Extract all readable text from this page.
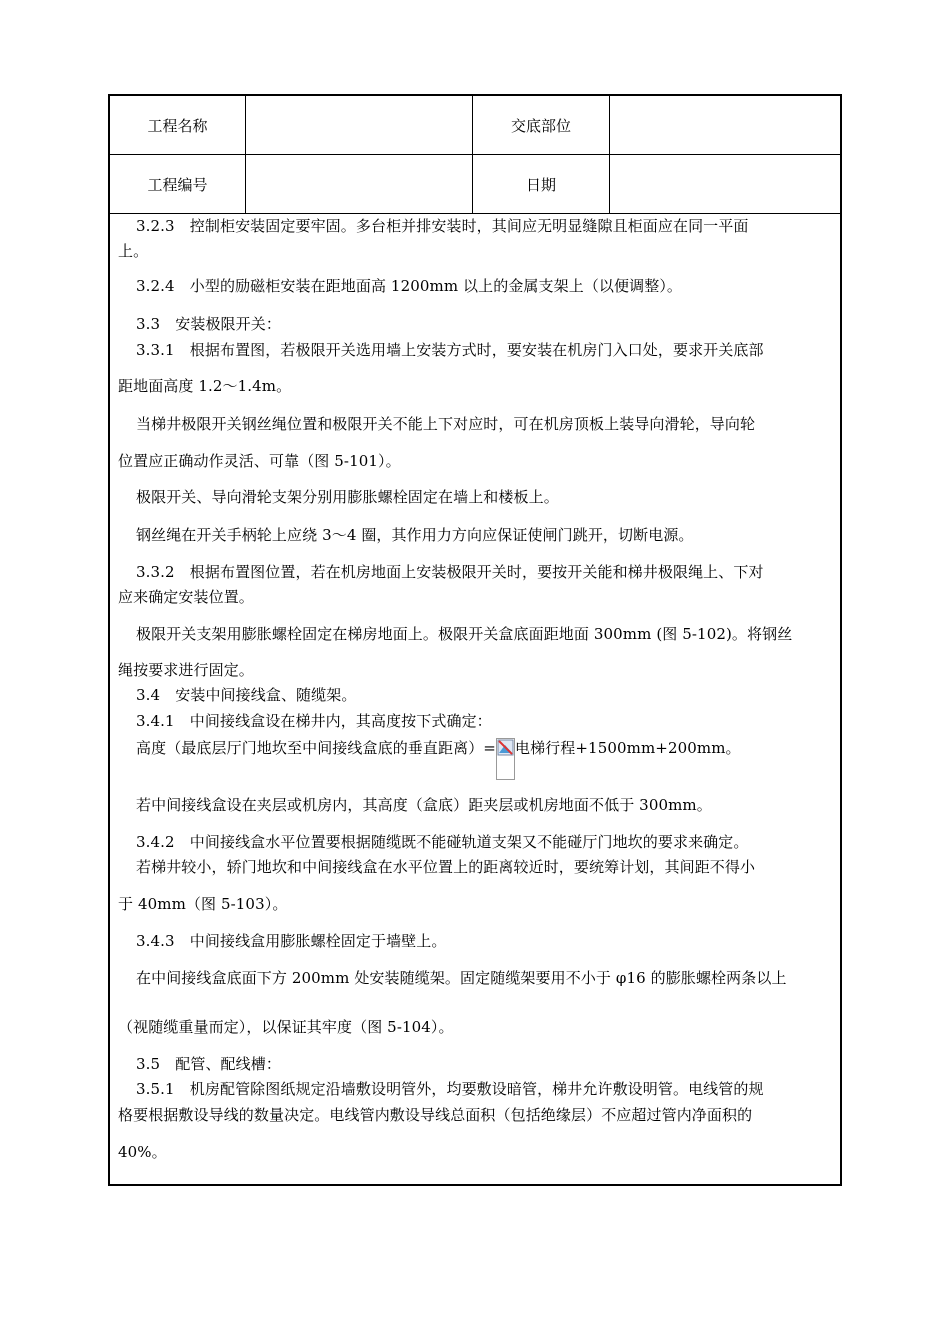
工程名称		交底部位	
工程编号		日期	
3.2.3　控制柜安装固定要牢固。多台柜并排安装时，其间应无明显缝隙且柜面应在同一平面
上。
3.2.4　小型的励磁柜安装在距地面高 1200mm 以上的金属支架上（以便调整）。
3.3　安装极限开关：
3.3.1　根据布置图，若极限开关选用墙上安装方式时，要安装在机房门入口处，要求开关底部
距地面高度 1.2～1.4m。
当梯井极限开关钢丝绳位置和极限开关不能上下对应时，可在机房顶板上装导向滑轮，导向轮
位置应正确动作灵活、可靠（图 5-101）。
极限开关、导向滑轮支架分别用膨胀螺栓固定在墙上和楼板上。
钢丝绳在开关手柄轮上应绕 3～4 圈，其作用力方向应保证使闸门跳开，切断电源。
3.3.2　根据布置图位置，若在机房地面上安装极限开关时，要按开关能和梯井极限绳上、下对
应来确定安装位置。
极限开关支架用膨胀螺栓固定在梯房地面上。极限开关盒底面距地面 300mm (图 5-102)。将钢丝
绳按要求进行固定。
3.4　安装中间接线盒、随缆架。
3.4.1　中间接线盒设在梯井内，其高度按下式确定：
高度（最底层厅门地坎至中间接线盒底的垂直距离）= 电梯行程+1500mm+200mm。
若中间接线盒设在夹层或机房内，其高度（盒底）距夹层或机房地面不低于 300mm。
3.4.2　中间接线盒水平位置要根据随缆既不能碰轨道支架又不能碰厅门地坎的要求来确定。
若梯井较小，轿门地坎和中间接线盒在水平位置上的距离较近时，要统筹计划，其间距不得小
于 40mm（图 5-103）。
3.4.3　中间接线盒用膨胀螺栓固定于墙壁上。
在中间接线盒底面下方 200mm 处安装随缆架。固定随缆架要用不小于 φ16 的膨胀螺栓两条以上
（视随缆重量而定），以保证其牢度（图 5-104）。
3.5　配管、配线槽：
3.5.1　机房配管除图纸规定沿墙敷设明管外，均要敷设暗管，梯井允许敷设明管。电线管的规
格要根据敷设导线的数量决定。电线管内敷设导线总面积（包括绝缘层）不应超过管内净面积的
40%。
